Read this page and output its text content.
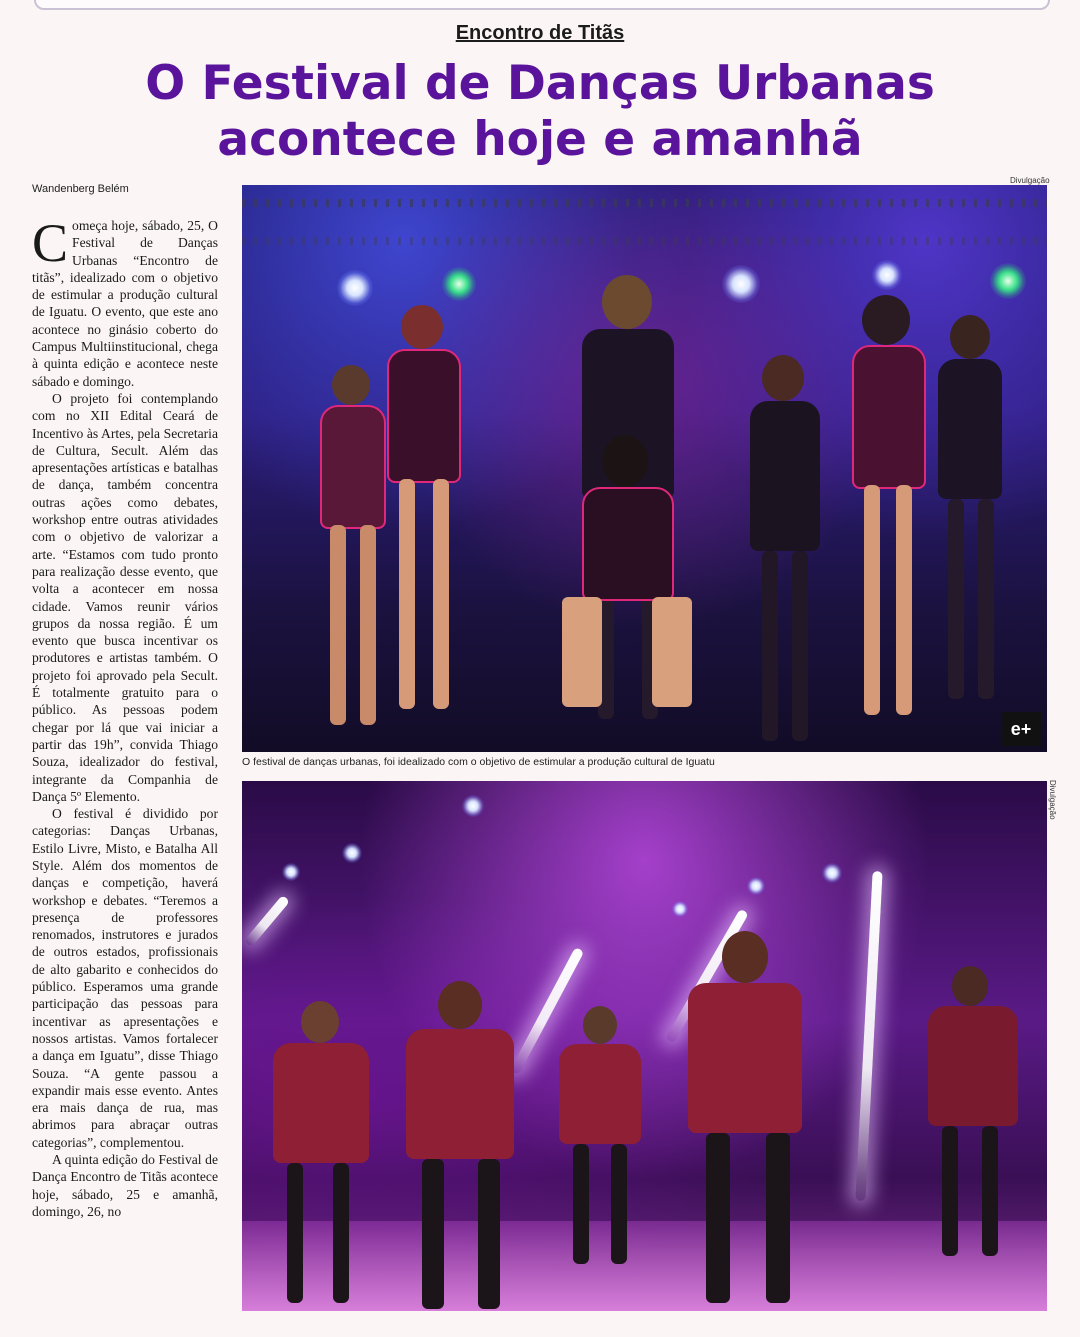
Encontro de Titãs
O Festival de Danças Urbanas
acontece hoje e amanhã
Wandenberg Belém
Divulgação
Divulgação

Começa hoje, sábado, 25, O Festival de Danças Urbanas “Encontro de titãs”, idealizado com o objetivo de estimular a produção cultural de Iguatu. O evento, que este ano acontece no ginásio coberto do Campus Multiinstitucional, chega à quinta edição e acontece neste sábado e domingo.

O projeto foi contemplando com no XII Edital Ceará de Incentivo às Artes, pela Secretaria de Cultura, Secult. Além das apresentações artísticas e batalhas de dança, também concentra outras ações como debates, workshop entre outras atividades com o objetivo de valorizar a arte. “Estamos com tudo pronto para realização desse evento, que volta a acontecer em nossa cidade. Vamos reunir vários grupos da nossa região. É um evento que busca incentivar os produtores e artistas também. O projeto foi aprovado pela Secult. É totalmente gratuito para o público. As pessoas podem chegar por lá que vai iniciar a partir das 19h”, convida Thiago Souza, idealizador do festival, integrante da Companhia de Dança 5º Elemento.

O festival é dividido por categorias: Danças Urbanas, Estilo Livre, Misto, e Batalha All Style. Além dos momentos de danças e competição, haverá workshop e debates. “Teremos a presença de professores renomados, instrutores e jurados de outros estados, profissionais de alto gabarito e conhecidos do público. Esperamos uma grande participação das pessoas para incentivar as apresentações e nossos artistas. Vamos fortalecer a dança em Iguatu”, disse Thiago Souza. “A gente passou a expandir mais esse evento. Antes era mais dança de rua, mas abrimos para abraçar outras categorias”, complementou.

A quinta edição do Festival de Dança Encontro de Titãs acontece hoje, sábado, 25 e amanhã, domingo, 26, no

e+
O festival de danças urbanas, foi idealizado com o objetivo de estimular a produção cultural de Iguatu
